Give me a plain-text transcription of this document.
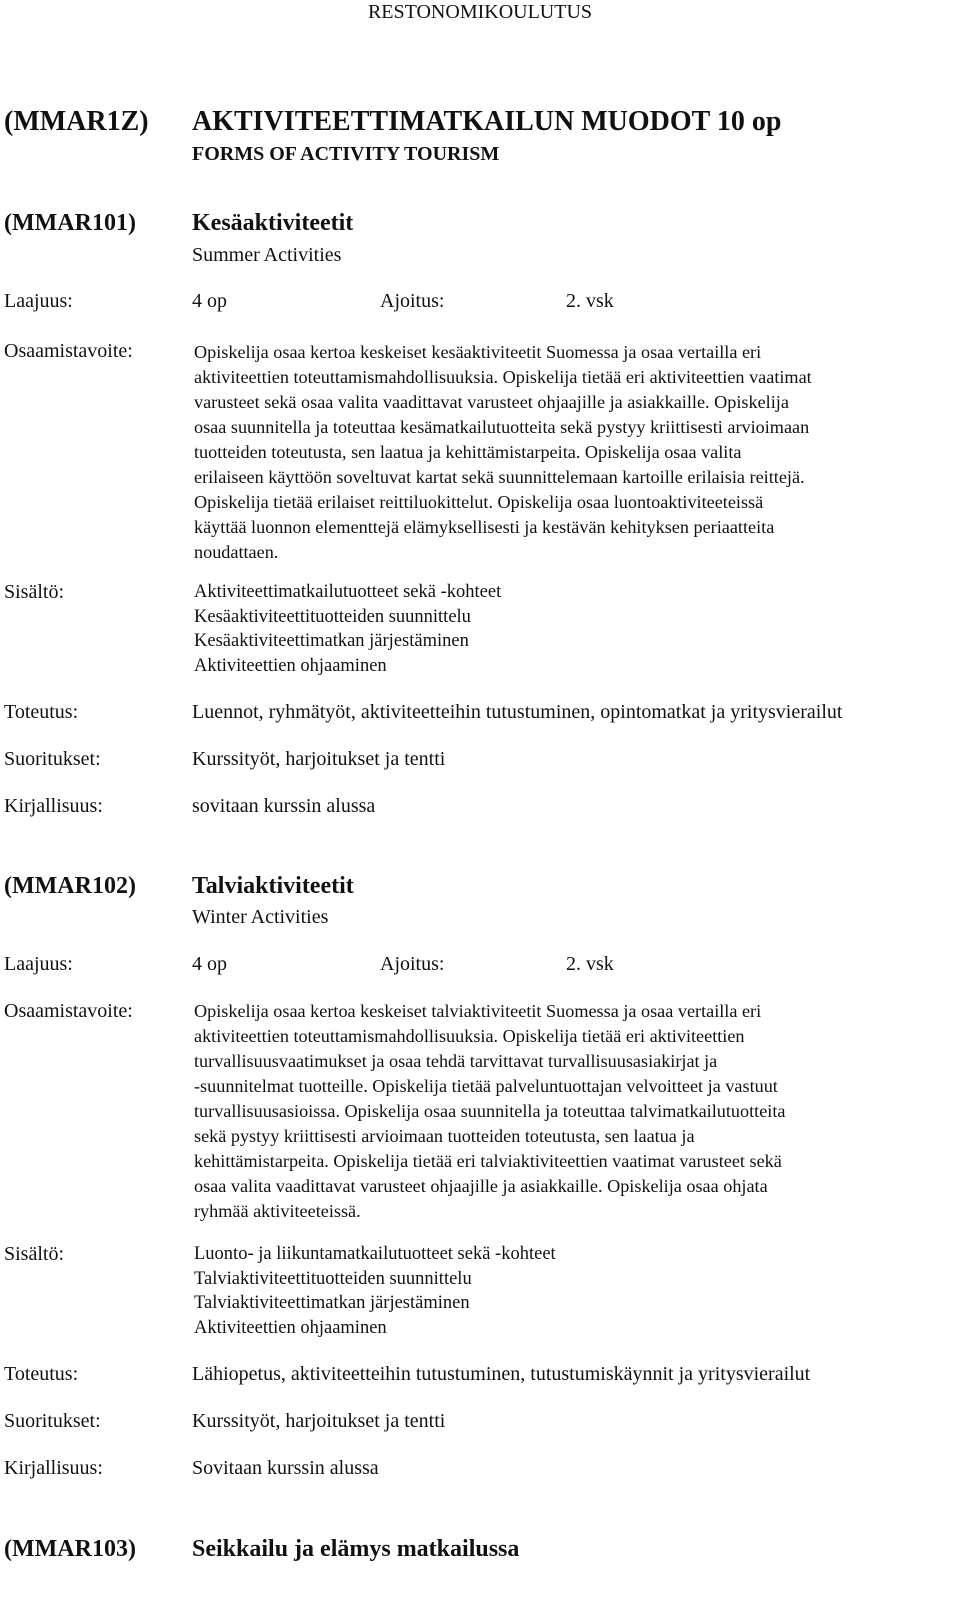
RESTONOMIKOULUTUS
(MMAR1Z) AKTIVITEETTIMATKAILUN MUODOT 10 op
FORMS OF ACTIVITY TOURISM
(MMAR101) Kesäaktiviteetit
Summer Activities
Laajuus:	4 op	Ajoitus:	2. vsk
Osaamistavoite:	Opiskelija osaa kertoa keskeiset kesäaktiviteetit Suomessa ja osaa vertailla eri
aktiviteettien toteuttamismahdollisuuksia. Opiskelija tietää eri aktiviteettien vaatimat
varusteet sekä osaa valita vaadittavat varusteet ohjaajille ja asiakkaille. Opiskelija
osaa suunnitella ja toteuttaa kesämatkailutuotteita sekä pystyy kriittisesti arvioimaan
tuotteiden toteutusta, sen laatua ja kehittämistarpeita. Opiskelija osaa valita
erilaiseen käyttöön soveltuvat kartat sekä suunnittelemaan kartoille erilaisia reittejä.
Opiskelija tietää erilaiset reittiluokittelut. Opiskelija osaa luontoaktiviteeteissä
käyttää luonnon elementtejä elämyksellisesti ja kestävän kehityksen periaatteita
noudattaen.
Sisältö:	Aktiviteettimatkailutuotteet sekä -kohteet
Kesäaktiviteettituotteiden suunnittelu
Kesäaktiviteettimatkan järjestäminen
Aktiviteettien ohjaaminen
Toteutus:	Luennot, ryhmätyöt, aktiviteetteihin tutustuminen, opintomatkat ja yritysvierailut
Suoritukset:	Kurssityöt, harjoitukset ja tentti
Kirjallisuus:	sovitaan kurssin alussa
(MMAR102) Talviaktiviteetit
Winter Activities
Laajuus:	4 op	Ajoitus:	2. vsk
Osaamistavoite:	Opiskelija osaa kertoa keskeiset talviaktiviteetit Suomessa ja osaa vertailla eri
aktiviteettien toteuttamismahdollisuuksia. Opiskelija tietää eri aktiviteettien
turvallisuusvaatimukset ja osaa tehdä tarvittavat turvallisuusasiakirjat ja
-suunnitelmat tuotteille. Opiskelija tietää palveluntuottajan velvoitteet ja vastuut
turvallisuusasioissa. Opiskelija osaa suunnitella ja toteuttaa talvimatkailutuotteita
sekä pystyy kriittisesti arvioimaan tuotteiden toteutusta, sen laatua ja
kehittämistarpeita. Opiskelija tietää eri talviaktiviteettien vaatimat varusteet sekä
osaa valita vaadittavat varusteet ohjaajille ja asiakkaille. Opiskelija osaa ohjata
ryhmää aktiviteeteissä.
Sisältö:	Luonto- ja liikuntamatkailutuotteet sekä -kohteet
Talviaktiviteettituotteiden suunnittelu
Talviaktiviteettimatkan järjestäminen
Aktiviteettien ohjaaminen
Toteutus:	Lähiopetus, aktiviteetteihin tutustuminen, tutustumiskäynnit ja yritysvierailut
Suoritukset:	Kurssityöt, harjoitukset ja tentti
Kirjallisuus:	Sovitaan kurssin alussa
(MMAR103) Seikkailu ja elämys matkailussa
